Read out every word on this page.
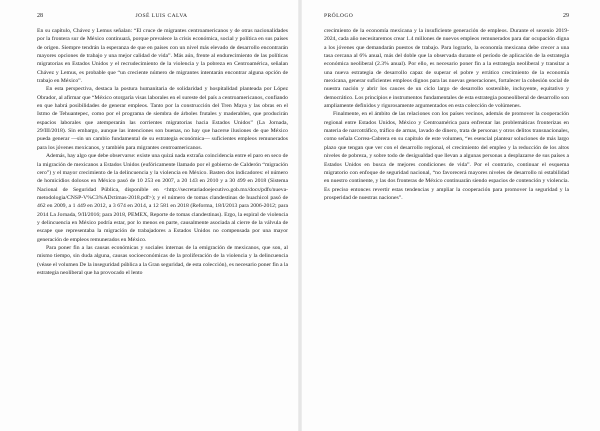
28	JOSÉ LUIS CALVA

En su capítulo, Chávez y Lemus señalan: “El cruce de migrantes centroamericanos y de otras nacionalidades por la frontera sur de México continuará, porque prevalece la crisis económica, social y política en sus países de origen. Siempre tendrán la esperanza de que en países con un nivel más elevado de desarrollo encontrarán mayores opciones de trabajo y una mejor calidad de vida”. Más aún, frente al endurecimiento de las políticas migratorias en Estados Unidos y el recrudecimiento de la violencia y la pobreza en Centroamérica, señalan Chávez y Lemus, es probable que “un creciente número de migrantes intentarán encontrar alguna opción de trabajo en México”.

En esta perspectiva, destaca la postura humanitaria de solidaridad y hospitalidad planteada por López Obrador, al afirmar que “México otorgaría visas laborales en el sureste del país a centroamericanos, confiando en que habrá posibilidades de generar empleos. Tanto por la construcción del Tren Maya y las obras en el Istmo de Tehuantepec, como por el programa de siembra de árboles frutales y maderables, que producirán espacios laborales que atemperarán las corrientes migratorias hacia Estados Unidos” (La Jornada, 29/III/2018). Sin embargo, aunque las intenciones son buenas, no hay que hacerse ilusiones de que México pueda generar —sin un cambio fundamental de su estrategia económica— suficientes empleos remunerados para los jóvenes mexicanos, y también para migrantes centroamericanos.

Además, hay algo que debe observarse: existe una quizá nada extraña coincidencia entre el paro en seco de la migración de mexicanos a Estados Unidos (eufóricamente llamado por el gobierno de Calderón “migración cero”) y el mayor crecimiento de la delincuencia y la violencia en México. Basten dos indicadores: el número de homicidios dolosos en México pasó de 10 253 en 2007, a 20 143 en 2010 y a 30 499 en 2018 (Sistema Nacional de Seguridad Pública, disponible en <http://secretariadoejecutivo.gob.mx/docs/pdfs/nueva-metodologia/CNSP-V%C3%ADctimas-2018.pdf>); y el número de tomas clandestinas de huachicol pasó de 462 en 2009, a 1 449 en 2012, a 3 674 en 2014, a 12 581 en 2018 (Reforma, 18/I/2013 para 2006-2012; para 2014 La Jornada, 9/II/2016; para 2018, PEMEX, Reporte de tomas clandestinas). Ergo, la espiral de violencia y delincuencia en México podría estar, por lo menos en parte, causalmente asociada al cierre de la válvula de escape que representaba la migración de trabajadores a Estados Unidos no compensada por una mayor generación de empleos remunerados en México.

Para poner fin a las causas económicas y sociales internas de la emigración de mexicanos, que son, al mismo tiempo, sin duda alguna, causas socioeconómicas de la proliferación de la violencia y la delincuencia (véase el volumen De la inseguridad pública a la Gran seguridad, de esta colección), es necesario poner fin a la estrategia neoliberal que ha provocado el lento

PRÓLOGO	29

crecimiento de la economía mexicana y la insuficiente generación de empleos. Durante el sexenio 2019-2024, cada año necesitaremos crear 1.4 millones de nuevos empleos remunerados para dar ocupación digna a los jóvenes que demandarán puestos de trabajo. Para lograrlo, la economía mexicana debe crecer a una tasa cercana al 6% anual, más del doble que la observada durante el período de aplicación de la estrategia económica neoliberal (2.3% anual). Por ello, es necesario poner fin a la estrategia neoliberal y transitar a una nueva estrategia de desarrollo capaz de superar el pobre y errático crecimiento de la economía mexicana, generar suficientes empleos dignos para las nuevas generaciones, fortalecer la cohesión social de nuestra nación y abrir los cauces de un ciclo largo de desarrollo sostenible, incluyente, equitativo y democrático. Los principios e instrumentos fundamentales de esta estrategia posneoliberal de desarrollo son ampliamente definidos y rigurosamente argumentados en esta colección de volúmenes.

Finalmente, en el ámbito de las relaciones con los países vecinos, además de promover la cooperación regional entre Estados Unidos, México y Centroamérica para enfrentar las problemáticas fronterizas en materia de narcotráfico, tráfico de armas, lavado de dinero, trata de personas y otros delitos transnacionales, como señala Correa-Cabrera en su capítulo de este volumen, “es esencial plantear soluciones de más largo plazo que tengan que ver con el desarrollo regional, el crecimiento del empleo y la reducción de los altos niveles de pobreza, y sobre todo de desigualdad que llevan a algunas personas a desplazarse de sus países a Estados Unidos en busca de mejores condiciones de vida”. Por el contrario, continuar el esquema migratorio con enfoque de seguridad nacional, “no favorecerá mayores niveles de desarrollo ni estabilidad en nuestro continente, y las dos fronteras de México continuarán siendo espacios de contención y violencia. Es preciso entonces revertir estas tendencias y ampliar la cooperación para promover la seguridad y la prosperidad de nuestras naciones”.
